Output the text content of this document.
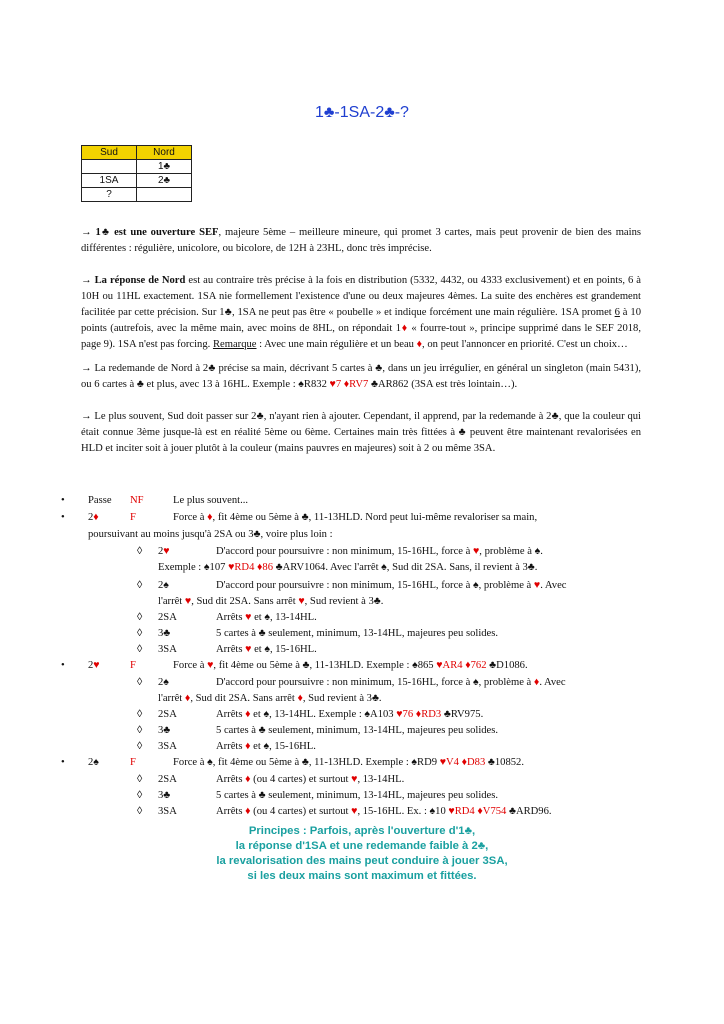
1♣-1SA-2♣-?
Sud	Nord
	1♣
1SA	2♣
?	

→ 1♣ est une ouverture SEF, majeure 5ème – meilleure mineure, qui promet 3 cartes, mais peut provenir de bien des mains différentes : régulière, unicolore, ou bicolore, de 12H à 23HL, donc très imprécise.

→ La réponse de Nord est au contraire très précise à la fois en distribution (5332, 4432, ou 4333 exclusivement) et en points, 6 à 10H ou 11HL exactement. 1SA nie formellement l'existence d'une ou deux majeures 4èmes. La suite des enchères est grandement facilitée par cette précision. Sur 1♣, 1SA ne peut pas être « poubelle » et indique forcément une main régulière. 1SA promet 6 à 10 points (autrefois, avec la même main, avec moins de 8HL, on répondait 1♦ « fourre-tout », principe supprimé dans le SEF 2018, page 9). 1SA n'est pas forcing. Remarque : Avec une main régulière et un beau ♦, on peut l'annoncer en priorité. C'est un choix…

→ La redemande de Nord à 2♣ précise sa main, décrivant 5 cartes à ♣, dans un jeu irrégulier, en général un singleton (main 5431), ou 6 cartes à ♣ et plus, avec 13 à 16HL. Exemple : ♠R832 ♥7 ♦RV7 ♣AR862 (3SA est très lointain…).

→ Le plus souvent, Sud doit passer sur 2♣, n'ayant rien à ajouter. Cependant, il apprend, par la redemande à 2♣, que la couleur qui était connue 3ème jusque-là est en réalité 5ème ou 6ème. Certaines main très fittées à ♣ peuvent être maintenant revalorisées en HLD et inciter soit à jouer plutôt à la couleur (mains pauvres en majeures) soit à 2 ou même 3SA.

• Passe NF	Le plus souvent...
• 2♦	F	Force à ♦, fit 4ème ou 5ème à ♣, 11-13HLD. Nord peut lui-même revaloriser sa main,
poursuivant au moins jusqu'à 2SA ou 3♣, voire plus loin :
◊ 2♥	D'accord pour poursuivre : non minimum, 15-16HL, force à ♥, problème à ♠.
Exemple : ♠107 ♥RD4 ♦86 ♣ARV1064. Avec l'arrêt ♠, Sud dit 2SA. Sans, il revient à 3♣.
◊ 2♠	D'accord pour poursuivre : non minimum, 15-16HL, force à ♠, problème à ♥. Avec
l'arrêt ♥, Sud dit 2SA. Sans arrêt ♥, Sud revient à 3♣.
◊ 2SA	Arrêts ♥ et ♠, 13-14HL.
◊ 3♣	5 cartes à ♣ seulement, minimum, 13-14HL, majeures peu solides.
◊ 3SA	Arrêts ♥ et ♠, 15-16HL.
• 2♥	F	Force à ♥, fit 4ème ou 5ème à ♣, 11-13HLD. Exemple : ♠865 ♥AR4 ♦762 ♣D1086.
◊ 2♠	D'accord pour poursuivre : non minimum, 15-16HL, force à ♠, problème à ♦. Avec
l'arrêt ♦, Sud dit 2SA. Sans arrêt ♦, Sud revient à 3♣.
◊ 2SA	Arrêts ♦ et ♠, 13-14HL. Exemple : ♠A103 ♥76 ♦RD3 ♣RV975.
◊ 3♣	5 cartes à ♣ seulement, minimum, 13-14HL, majeures peu solides.
◊ 3SA	Arrêts ♦ et ♠, 15-16HL.
• 2♠	F	Force à ♠, fit 4ème ou 5ème à ♣, 11-13HLD. Exemple : ♠RD9 ♥V4 ♦D83 ♣10852.
◊ 2SA	Arrêts ♦ (ou 4 cartes) et surtout ♥, 13-14HL.
◊ 3♣	5 cartes à ♣ seulement, minimum, 13-14HL, majeures peu solides.
◊ 3SA	Arrêts ♦ (ou 4 cartes) et surtout ♥, 15-16HL. Ex. : ♠10 ♥RD4 ♦V754 ♣ARD96.
Principes : Parfois, après l'ouverture d'1♣,
la réponse d'1SA et une redemande faible à 2♣,
la revalorisation des mains peut conduire à jouer 3SA,
si les deux mains sont maximum et fittées.
